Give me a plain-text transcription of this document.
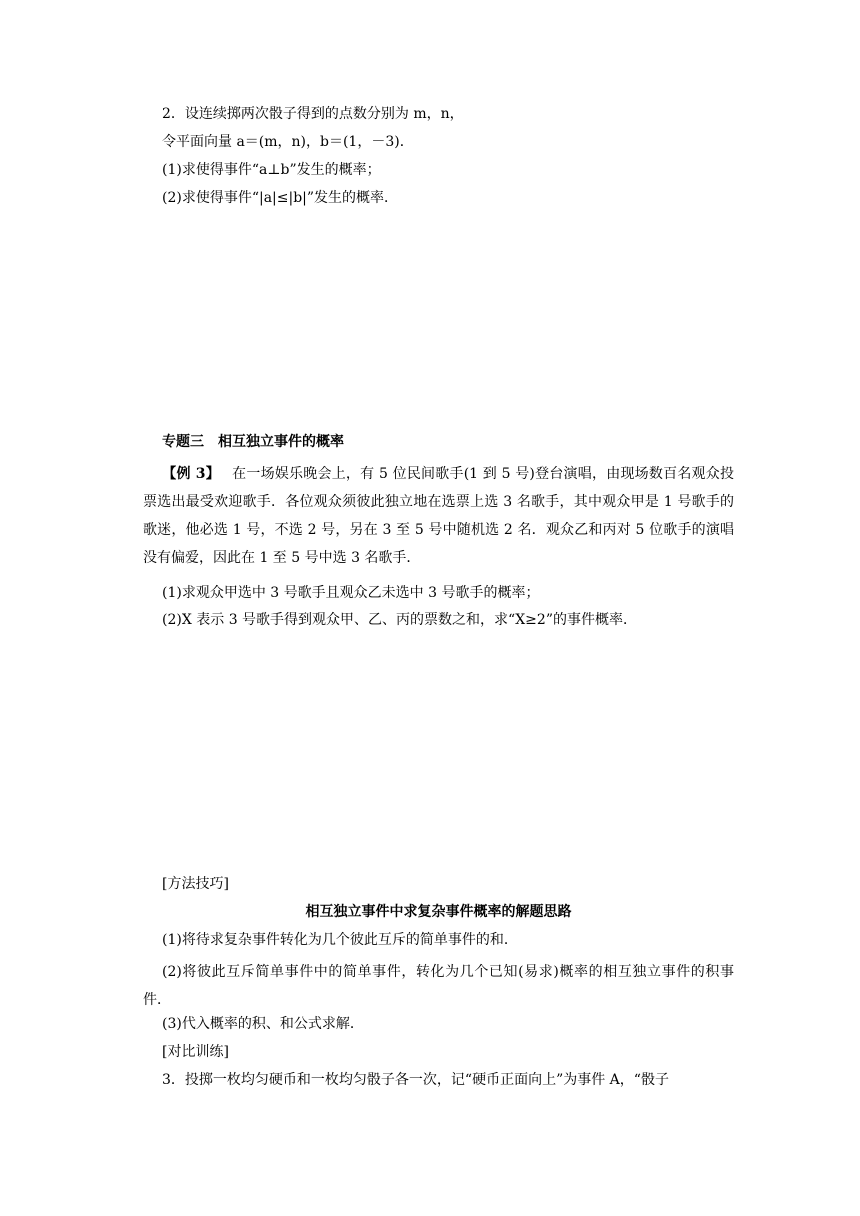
2．设连续掷两次骰子得到的点数分别为 m，n，
令平面向量 a＝(m，n)，b＝(1，－3)．
(1)求使得事件“a⊥b”发生的概率；
(2)求使得事件“|a|≤|b|”发生的概率．
专题三　相互独立事件的概率
【例 3】 在一场娱乐晚会上，有 5 位民间歌手(1 到 5 号)登台演唱，由现场数百名观众投票选出最受欢迎歌手．各位观众须彼此独立地在选票上选 3 名歌手，其中观众甲是 1 号歌手的歌迷，他必选 1 号，不选 2 号，另在 3 至 5 号中随机选 2 名．观众乙和丙对 5 位歌手的演唱没有偏爱，因此在 1 至 5 号中选 3 名歌手．
(1)求观众甲选中 3 号歌手且观众乙未选中 3 号歌手的概率；
(2)X 表示 3 号歌手得到观众甲、乙、丙的票数之和，求“X≥2”的事件概率．
[方法技巧]
相互独立事件中求复杂事件概率的解题思路
(1)将待求复杂事件转化为几个彼此互斥的简单事件的和．
(2)将彼此互斥简单事件中的简单事件，转化为几个已知(易求)概率的相互独立事件的积事件．
(3)代入概率的积、和公式求解．
[对比训练]
3．投掷一枚均匀硬币和一枚均匀骰子各一次，记“硬币正面向上”为事件 A，“骰子
